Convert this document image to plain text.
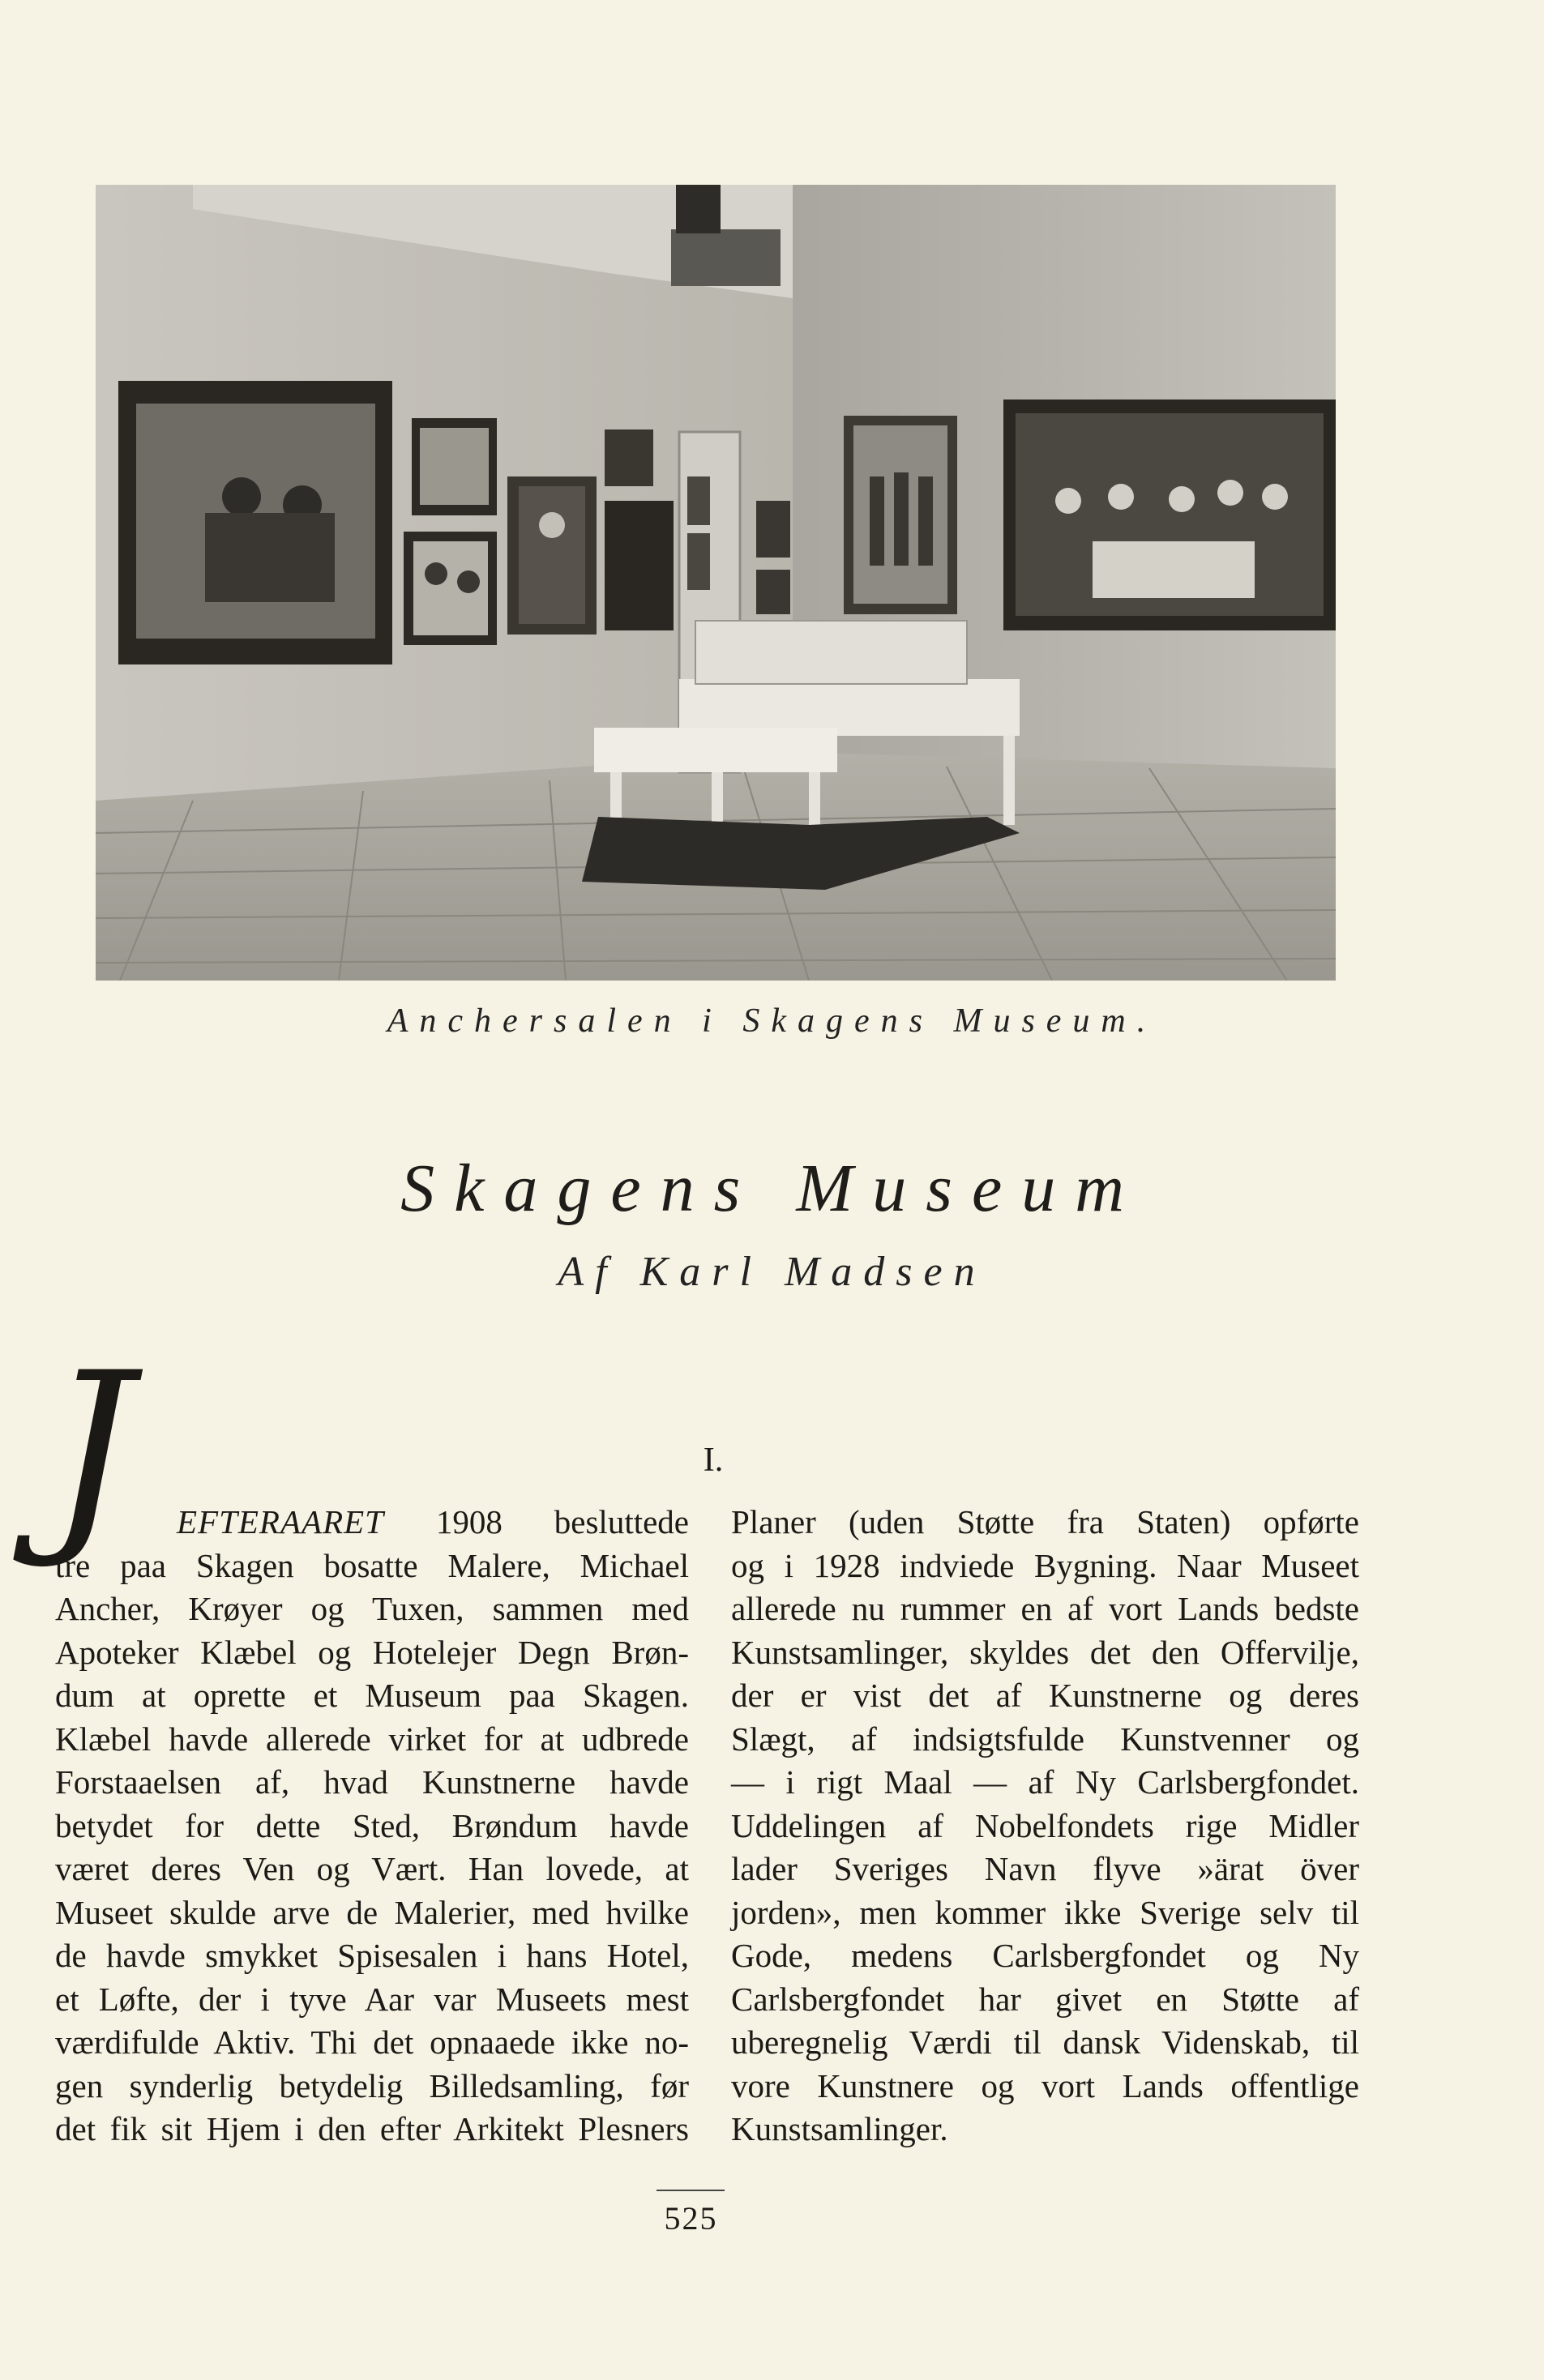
Anchersalen i Skagens Museum.
Skagens Museum
Af Karl Madsen
J	I.
EFTERAARET 1908 besluttede
tre paa Skagen bosatte Malere, Michael
Ancher, Krøyer og Tuxen, sammen med
Apoteker Klæbel og Hotelejer Degn Brøn-
dum at oprette et Museum paa Skagen.
Klæbel havde allerede virket for at udbrede
Forstaaelsen af, hvad Kunstnerne havde
betydet for dette Sted, Brøndum havde
været deres Ven og Vært. Han lovede, at
Museet skulde arve de Malerier, med hvilke
de havde smykket Spisesalen i hans Hotel,
et Løfte, der i tyve Aar var Museets mest
værdifulde Aktiv. Thi det opnaaede ikke no-
gen synderlig betydelig Billedsamling, før
det fik sit Hjem i den efter Arkitekt Plesners
Planer (uden Støtte fra Staten) opførte
og i 1928 indviede Bygning. Naar Museet
allerede nu rummer en af vort Lands bedste
Kunstsamlinger, skyldes det den Offervilje,
der er vist det af Kunstnerne og deres
Slægt, af indsigtsfulde Kunstvenner og
— i rigt Maal — af Ny Carlsbergfondet.
Uddelingen af Nobelfondets rige Midler
lader Sveriges Navn flyve »ärat över
jorden», men kommer ikke Sverige selv til
Gode, medens Carlsbergfondet og Ny
Carlsbergfondet har givet en Støtte af
uberegnelig Værdi til dansk Videnskab, til
vore Kunstnere og vort Lands offentlige
Kunstsamlinger.
525
